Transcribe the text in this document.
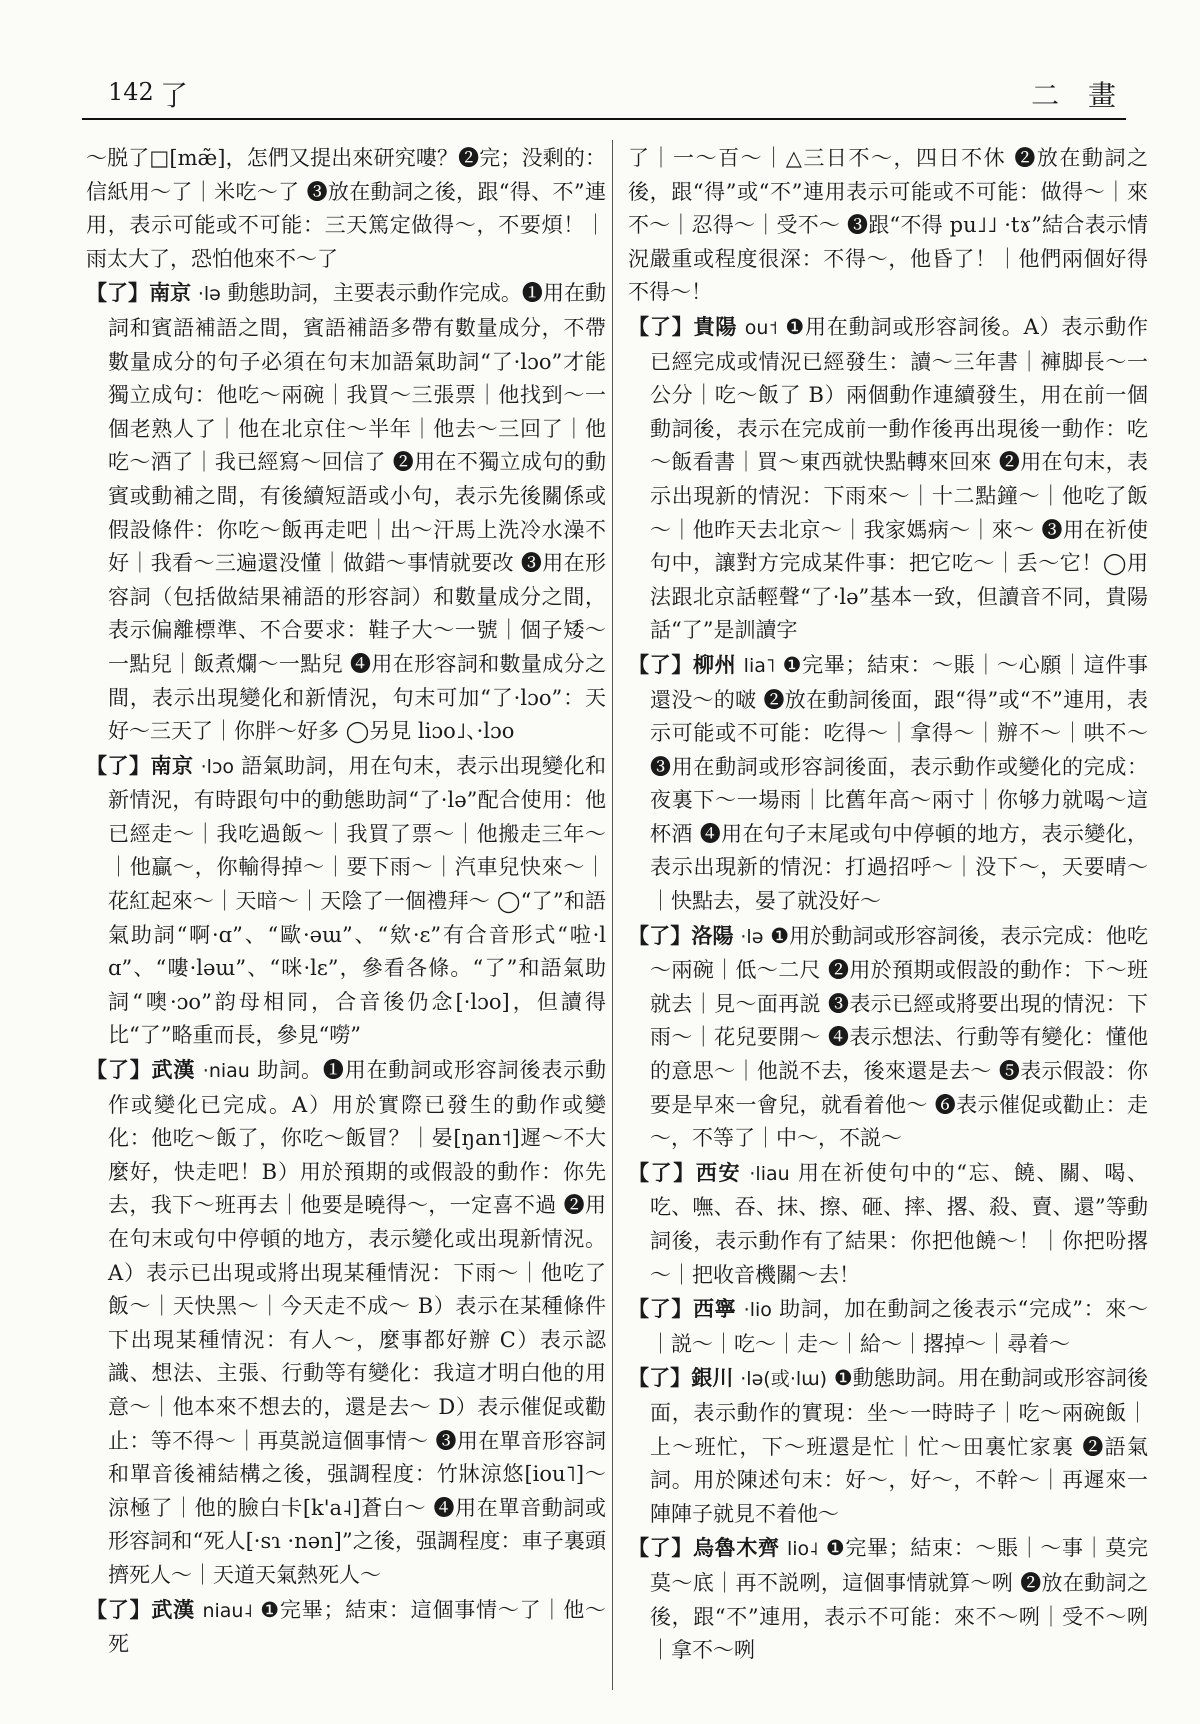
142 了	二 畫

～脱了□[mæ̃]，怎們又提出來研究嘍？❷完；没剩的：信紙用～了｜米吃～了 ❸放在動詞之後，跟“得、不”連用，表示可能或不可能：三天篤定做得～，不要煩！｜雨太大了，恐怕他來不～了

【了】南京 ·lə 動態助詞，主要表示動作完成。❶用在動詞和賓語補語之間，賓語補語多帶有數量成分，不帶數量成分的句子必須在句末加語氣助詞“了·lɔo”才能獨立成句：他吃～兩碗｜我買～三張票｜他找到～一個老熟人了｜他在北京住～半年｜他去～三回了｜他吃～酒了｜我已經寫～回信了 ❷用在不獨立成句的動賓或動補之間，有後續短語或小句，表示先後關係或假設條件：你吃～飯再走吧｜出～汗馬上洗冷水澡不好｜我看～三遍還没懂｜做錯～事情就要改 ❸用在形容詞（包括做結果補語的形容詞）和數量成分之間，表示偏離標準、不合要求：鞋子大～一號｜個子矮～一點兒｜飯煮爛～一點兒 ❹用在形容詞和數量成分之間，表示出現變化和新情況，句末可加“了·lɔo”：天好～三天了｜你胖～好多 ◯另見 liɔo˩、·lɔo

【了】南京 ·lɔo 語氣助詞，用在句末，表示出現變化和新情況，有時跟句中的動態助詞“了·lə”配合使用：他已經走～｜我吃過飯～｜我買了票～｜他搬走三年～｜他贏～，你輸得掉～｜要下雨～｜汽車兒快來～｜花紅起來～｜天暗～｜天陰了一個禮拜～ ◯“了”和語氣助詞“啊·ɑ”、“歐·əɯ”、“欸·ɛ”有合音形式“啦·lɑ”、“嘍·ləɯ”、“咪·lɛ”，參看各條。“了”和語氣助詞“噢·ɔo”韵母相同，合音後仍念[·lɔo]，但讀得比“了”略重而長，參見“嘮”

【了】武漢 ·niau 助詞。❶用在動詞或形容詞後表示動作或變化已完成。A）用於實際已發生的動作或變化：他吃～飯了，你吃～飯冒？｜晏[ŋan˦]遲～不大麼好，快走吧！B）用於預期的或假設的動作：你先去，我下～班再去｜他要是曉得～，一定喜不過 ❷用在句末或句中停頓的地方，表示變化或出現新情況。A）表示已出現或將出現某種情況：下雨～｜他吃了飯～｜天快黑～｜今天走不成～ B）表示在某種條件下出現某種情況：有人～，麼事都好辦 C）表示認識、想法、主張、行動等有變化：我這才明白他的用意～｜他本來不想去的，還是去～ D）表示催促或勸止：等不得～｜再莫説這個事情～ ❸用在單音形容詞和單音後補結構之後，强調程度：竹牀涼悠[iou˥]～涼極了｜他的臉白卡[k'a˨]蒼白～ ❹用在單音動詞或形容詞和“死人[·sɿ ·nən]”之後，强調程度：車子裏頭擠死人～｜天道天氣熱死人～

【了】武漢 niau˨ ❶完畢；結束：這個事情～了｜他～死

了｜一～百～｜△三日不～，四日不休 ❷放在動詞之後，跟“得”或“不”連用表示可能或不可能：做得～｜來不～｜忍得～｜受不～ ❸跟“不得 pu˩˩ ·tɤ”結合表示情況嚴重或程度很深：不得～，他昏了！｜他們兩個好得不得～！

【了】貴陽 ou˦ ❶用在動詞或形容詞後。A）表示動作已經完成或情況已經發生：讀～三年書｜褲脚長～一公分｜吃～飯了 B）兩個動作連續發生，用在前一個動詞後，表示在完成前一動作後再出現後一動作：吃～飯看書｜買～東西就快點轉來回來 ❷用在句末，表示出現新的情況：下雨來～｜十二點鐘～｜他吃了飯～｜他昨天去北京～｜我家媽病～｜來～ ❸用在祈使句中，讓對方完成某件事：把它吃～｜丢～它！◯用法跟北京話輕聲“了·lə”基本一致，但讀音不同，貴陽話“了”是訓讀字

【了】柳州 lia˥ ❶完畢；結束：～賬｜～心願｜這件事還没～的啵 ❷放在動詞後面，跟“得”或“不”連用，表示可能或不可能：吃得～｜拿得～｜辦不～｜哄不～ ❸用在動詞或形容詞後面，表示動作或變化的完成：夜裏下～一場雨｜比舊年高～兩寸｜你够力就喝～這杯酒 ❹用在句子末尾或句中停頓的地方，表示變化，表示出現新的情況：打過招呼～｜没下～，天要晴～｜快點去，晏了就没好～

【了】洛陽 ·lə ❶用於動詞或形容詞後，表示完成：他吃～兩碗｜低～二尺 ❷用於預期或假設的動作：下～班就去｜見～面再説 ❸表示已經或將要出現的情況：下雨～｜花兒要開～ ❹表示想法、行動等有變化：懂他的意思～｜他説不去，後來還是去～ ❺表示假設：你要是早來一會兒，就看着他～ ❻表示催促或勸止：走～，不等了｜中～，不説～

【了】西安 ·liau 用在祈使句中的“忘、饒、關、喝、吃、嘸、吞、抹、擦、砸、摔、撂、殺、賣、還”等動詞後，表示動作有了結果：你把他饒～！｜你把吩撂～｜把收音機關～去！

【了】西寧 ·lio 助詞，加在動詞之後表示“完成”：來～｜説～｜吃～｜走～｜給～｜撂掉～｜尋着～

【了】銀川 ·lə(或·lɯ) ❶動態助詞。用在動詞或形容詞後面，表示動作的實現：坐～一時時子｜吃～兩碗飯｜上～班忙，下～班還是忙｜忙～田裏忙家裏 ❷語氣詞。用於陳述句末：好～，好～，不幹～｜再遲來一陣陣子就見不着他～

【了】烏魯木齊 lio˨ ❶完畢；結束：～賬｜～事｜莫完莫～底｜再不説咧，這個事情就算～咧 ❷放在動詞之後，跟“不”連用，表示不可能：來不～咧｜受不～咧｜拿不～咧
